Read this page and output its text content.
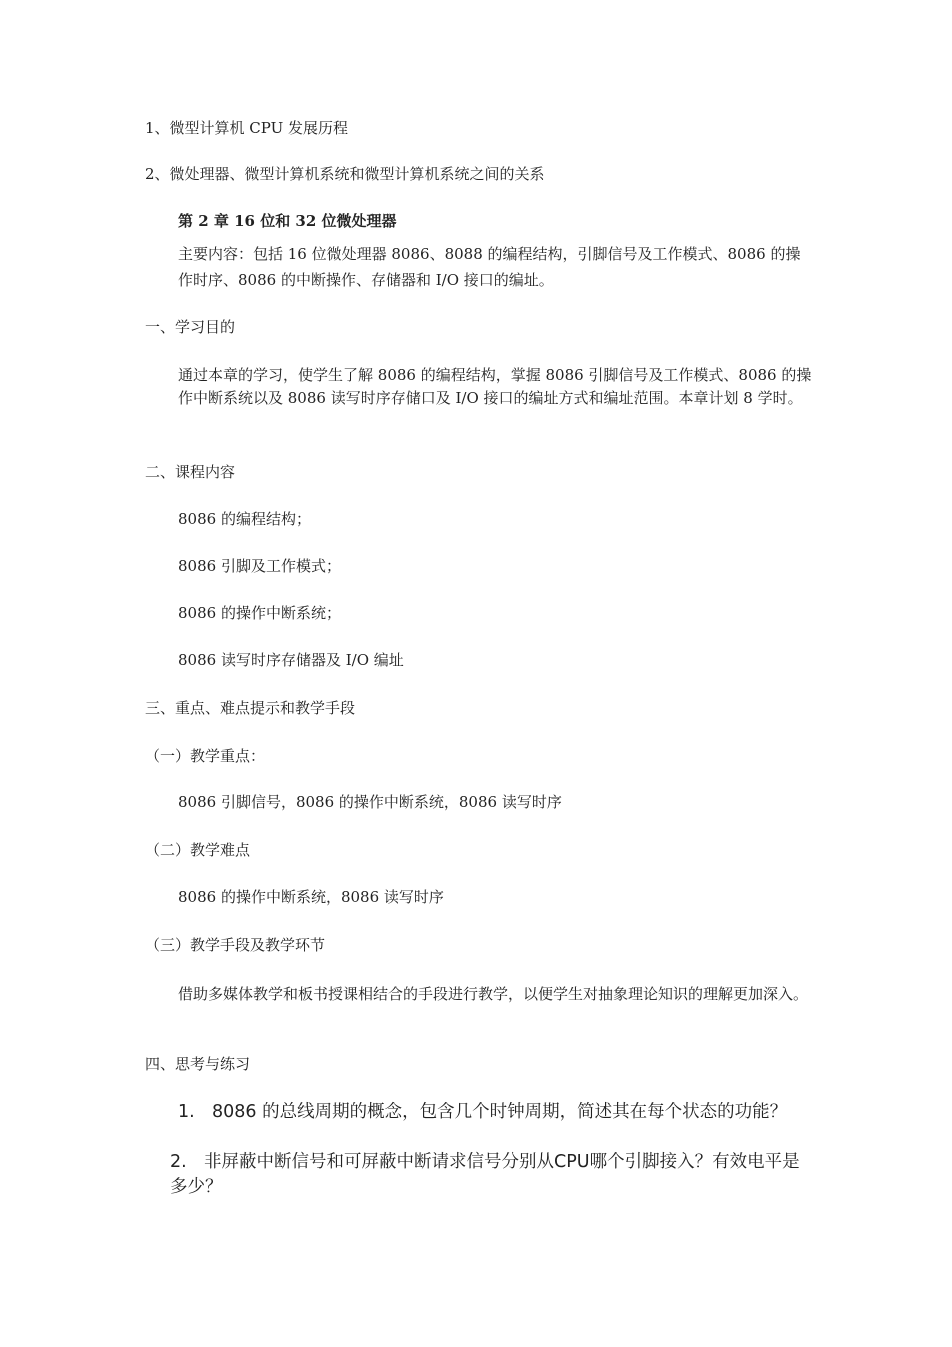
1、微型计算机 CPU 发展历程
2、微处理器、微型计算机系统和微型计算机系统之间的关系
第 2 章 16 位和 32 位微处理器
主要内容：包括 16 位微处理器 8086、8088 的编程结构，引脚信号及工作模式、8086 的操作时序、8086 的中断操作、存储器和 I/O 接口的编址。
一、学习目的
通过本章的学习，使学生了解 8086 的编程结构，掌握 8086 引脚信号及工作模式、8086 的操作中断系统以及 8086 读写时序存储口及 I/O 接口的编址方式和编址范围。本章计划 8 学时。
二、课程内容
8086 的编程结构；
8086 引脚及工作模式；
8086 的操作中断系统；
8086 读写时序存储器及 I/O 编址
三、重点、难点提示和教学手段
（一）教学重点：
8086 引脚信号，8086 的操作中断系统，8086 读写时序
（二）教学难点
8086 的操作中断系统，8086 读写时序
（三）教学手段及教学环节
借助多媒体教学和板书授课相结合的手段进行教学，以便学生对抽象理论知识的理解更加深入。
四、思考与练习
1. 8086 的总线周期的概念，包含几个时钟周期，简述其在每个状态的功能？
2. 非屏蔽中断信号和可屏蔽中断请求信号分别从CPU哪个引脚接入？有效电平是多少？
